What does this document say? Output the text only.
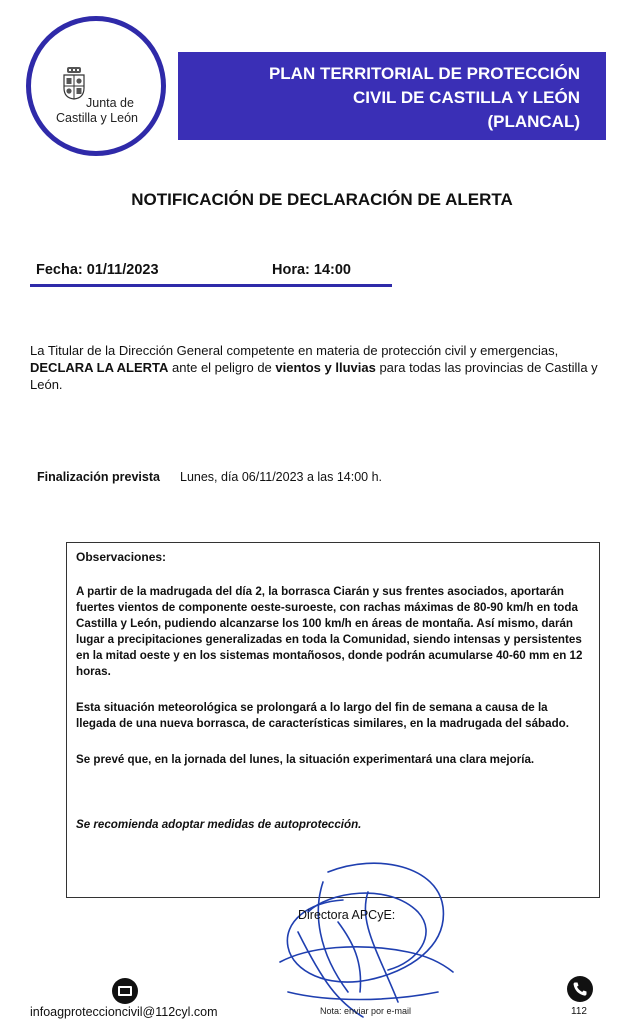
PLAN TERRITORIAL DE PROTECCIÓN
CIVIL DE CASTILLA Y LEÓN
(PLANCAL)
Junta de
Castilla y León
NOTIFICACIÓN DE DECLARACIÓN DE ALERTA
Fecha: 01/11/2023	Hora: 14:00
La Titular de la Dirección General competente en materia de protección civil y emergencias, DECLARA LA ALERTA ante el peligro de vientos y lluvias para todas las provincias de Castilla y León.
Finalización prevista Lunes, día 06/11/2023 a las 14:00 h.
Observaciones:
A partir de la madrugada del día 2, la borrasca Ciarán y sus frentes asociados, aportarán fuertes vientos de componente oeste-suroeste, con rachas máximas de 80-90 km/h en toda Castilla y León, pudiendo alcanzarse los 100 km/h en áreas de montaña. Así mismo, darán lugar a precipitaciones generalizadas en toda la Comunidad, siendo intensas y persistentes en la mitad oeste y en los sistemas montañosos, donde podrán acumularse 40-60 mm en 12 horas.
Esta situación meteorológica se prolongará a lo largo del fin de semana a causa de la llegada de una nueva borrasca, de características similares, en la madrugada del sábado.
Se prevé que, en la jornada del lunes, la situación experimentará una clara mejoría.
Se recomienda adoptar medidas de autoprotección.
Directora APCyE:
infoagproteccioncivil@112cyl.com	Nota: enviar por e-mail	112
